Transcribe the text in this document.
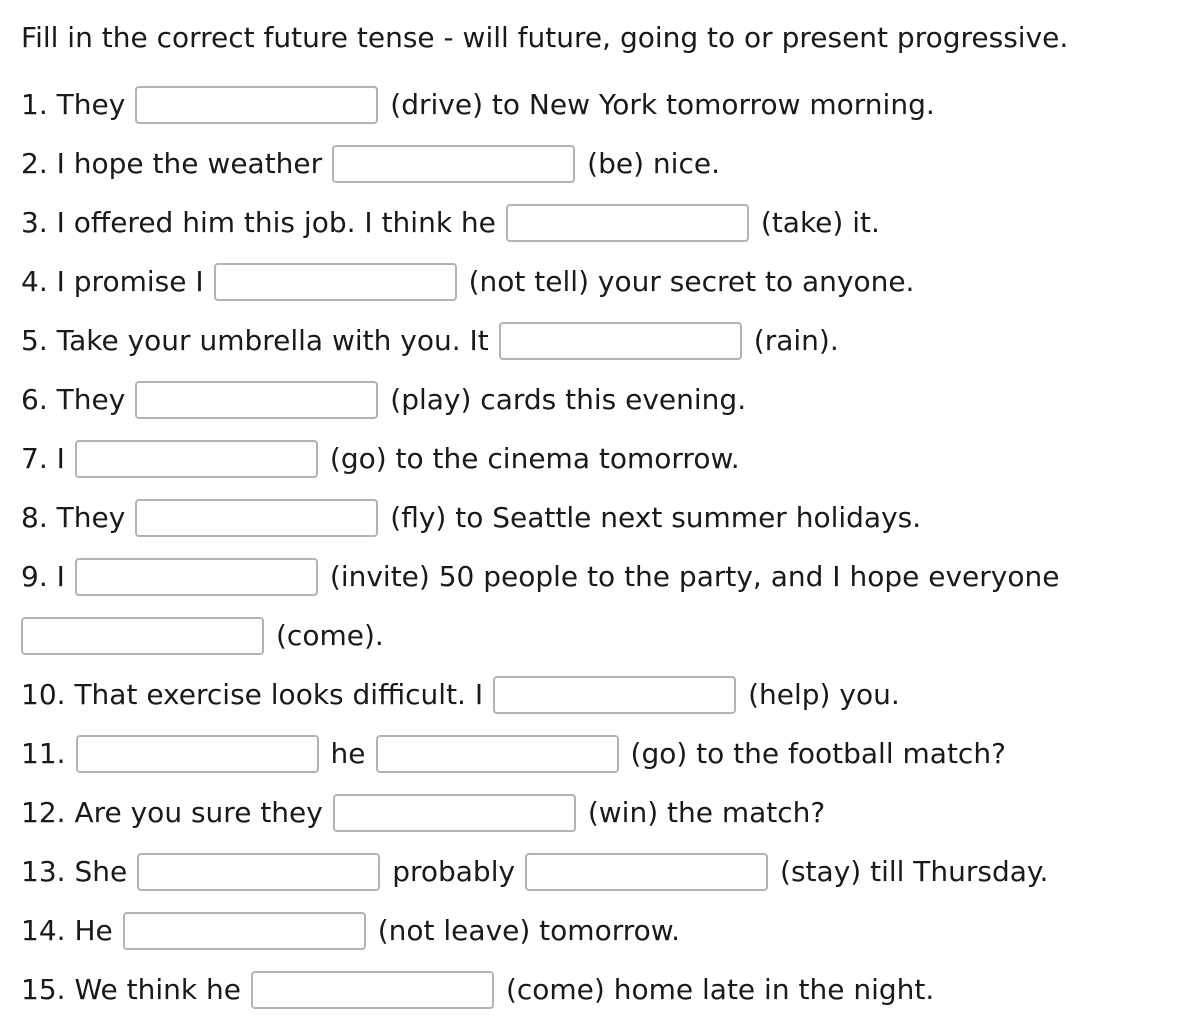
Fill in the correct future tense - will future, going to or present progressive.
1.
They	(drive) to New York tomorrow morning.
2.
I hope the weather	(be) nice.
3.
I offered him this job. I think he	(take) it.
4.
I promise I	(not tell) your secret to anyone.
5.
Take your umbrella with you. It	(rain).
6.
They	(play) cards this evening.
7.
I	(go) to the cinema tomorrow.
8.
They	(fly) to Seattle next summer holidays.
9.
I	(invite) 50 people to the party, and I hope everyone
(come).
10.
That exercise looks difficult. I	(help) you.
11.	he	(go) to the football match?
12.
Are you sure they	(win) the match?
13.
She	probably	(stay) till Thursday.
14.
He	(not leave) tomorrow.
15.
We think he	(come) home late in the night.
